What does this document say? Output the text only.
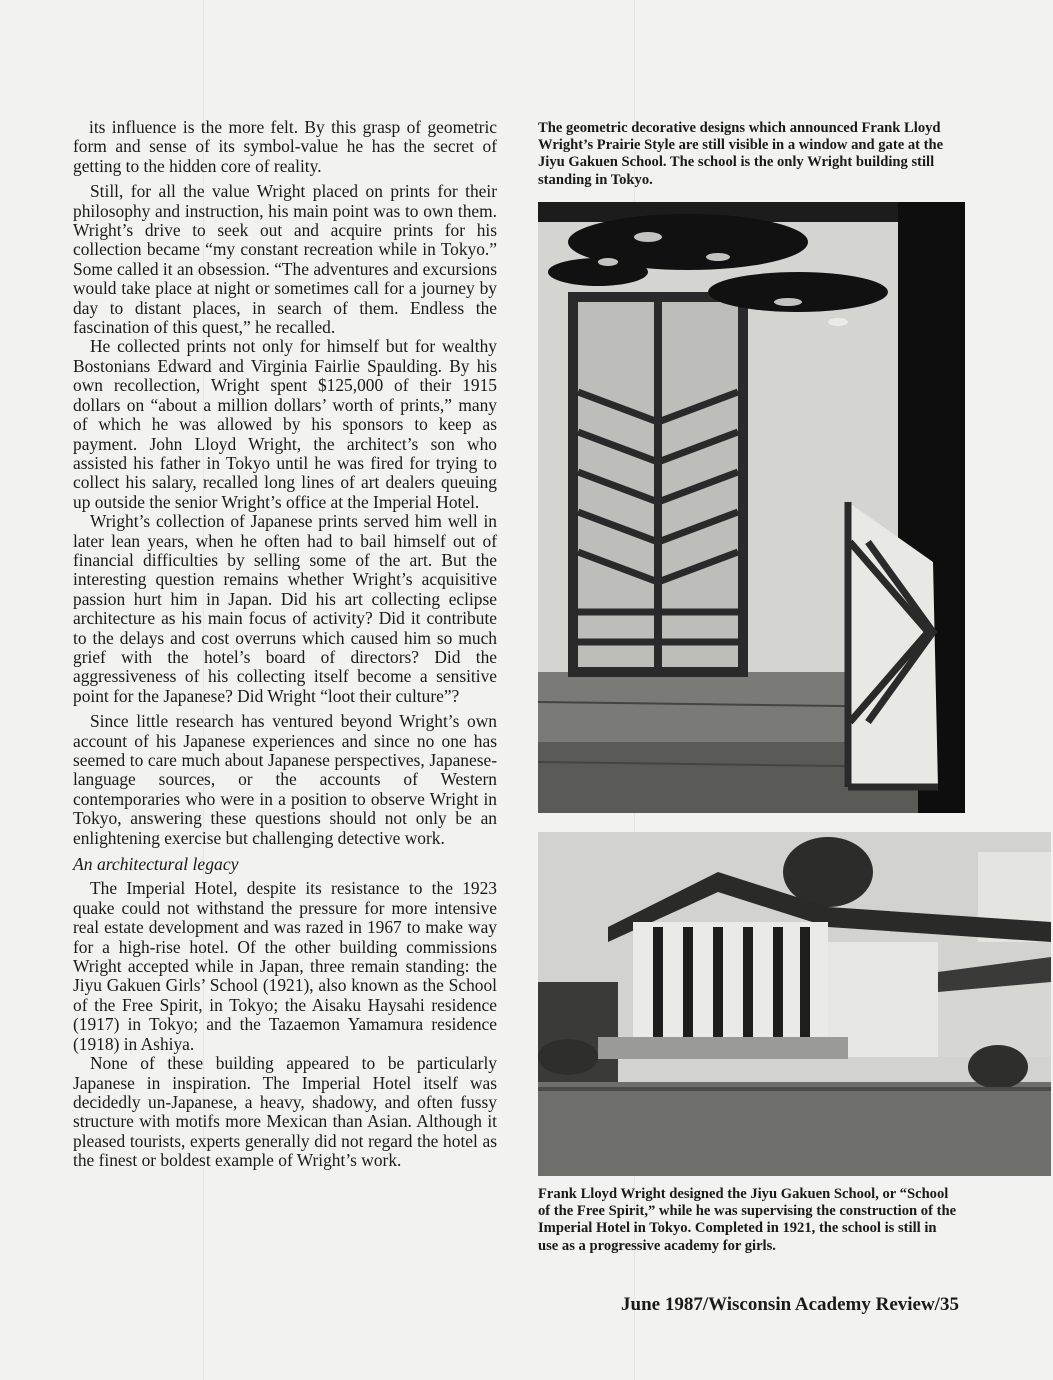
its influence is the more felt. By this grasp of geometric form and sense of its symbol-value he has the secret of getting to the hidden core of reality.

Still, for all the value Wright placed on prints for their philosophy and instruction, his main point was to own them. Wright’s drive to seek out and acquire prints for his collection became “my constant recreation while in Tokyo.” Some called it an obsession. “The adventures and excursions would take place at night or sometimes call for a journey by day to distant places, in search of them. Endless the fascination of this quest,” he recalled.

He collected prints not only for himself but for wealthy Bostonians Edward and Virginia Fairlie Spaulding. By his own recollection, Wright spent $125,000 of their 1915 dollars on “about a million dollars’ worth of prints,” many of which he was allowed by his sponsors to keep as payment. John Lloyd Wright, the architect’s son who assisted his father in Tokyo until he was fired for trying to collect his salary, recalled long lines of art dealers queuing up outside the senior Wright’s office at the Imperial Hotel.

Wright’s collection of Japanese prints served him well in later lean years, when he often had to bail himself out of financial difficulties by selling some of the art. But the interesting question remains whether Wright’s acquisitive passion hurt him in Japan. Did his art collecting eclipse architecture as his main focus of activity? Did it contribute to the delays and cost overruns which caused him so much grief with the hotel’s board of directors? Did the aggressiveness of his collecting itself become a sensitive point for the Japanese? Did Wright “loot their culture”?

Since little research has ventured beyond Wright’s own account of his Japanese experiences and since no one has seemed to care much about Japanese perspectives, Japanese-language sources, or the accounts of Western contemporaries who were in a position to observe Wright in Tokyo, answering these questions should not only be an enlightening exercise but challenging detective work.

An architectural legacy

The Imperial Hotel, despite its resistance to the 1923 quake could not withstand the pressure for more intensive real estate development and was razed in 1967 to make way for a high-rise hotel. Of the other building commissions Wright accepted while in Japan, three remain standing: the Jiyu Gakuen Girls’ School (1921), also known as the School of the Free Spirit, in Tokyo; the Aisaku Haysahi residence (1917) in Tokyo; and the Tazaemon Yamamura residence (1918) in Ashiya.

None of these building appeared to be particularly Japanese in inspiration. The Imperial Hotel itself was decidedly un-Japanese, a heavy, shadowy, and often fussy structure with motifs more Mexican than Asian. Although it pleased tourists, experts generally did not regard the hotel as the finest or boldest example of Wright’s work.

The geometric decorative designs which announced Frank Lloyd Wright’s Prairie Style are still visible in a window and gate at the Jiyu Gakuen School. The school is the only Wright building still standing in Tokyo.
Frank Lloyd Wright designed the Jiyu Gakuen School, or “School of the Free Spirit,” while he was supervising the construction of the Imperial Hotel in Tokyo. Completed in 1921, the school is still in use as a progressive academy for girls.
June 1987/Wisconsin Academy Review/35
